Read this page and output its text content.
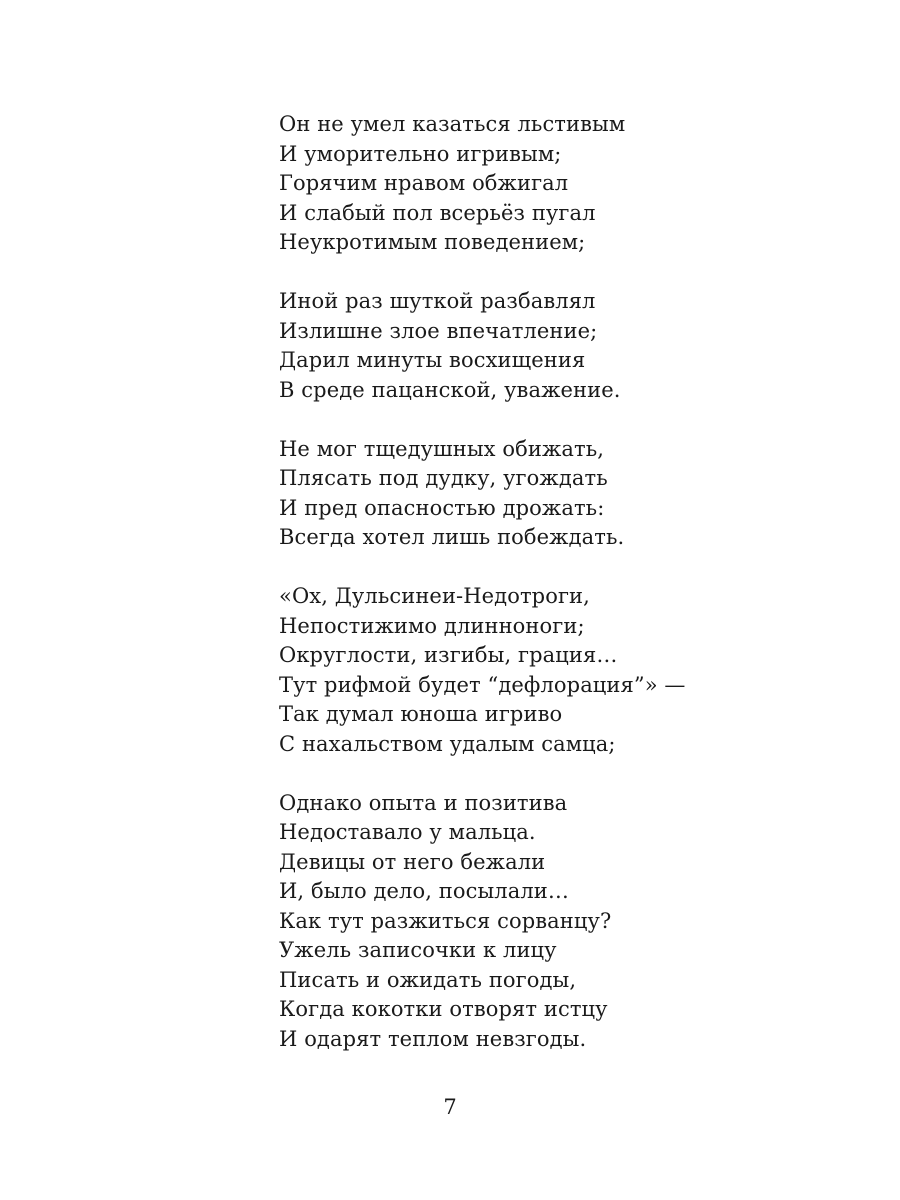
Он не умел казаться льстивым
И уморительно игривым;
Горячим нравом обжигал
И слабый пол всерьёз пугал
Неукротимым поведением;
Иной раз шуткой разбавлял
Излишне злое впечатление;
Дарил минуты восхищения
В среде пацанской, уважение.
Не мог тщедушных обижать,
Плясать под дудку, угождать
И пред опасностью дрожать:
Всегда хотел лишь побеждать.
«Ох, Дульсинеи-Недотроги,
Непостижимо длинноноги;
Округлости, изгибы, грация…
Тут рифмой будет “дефлорация”» —
Так думал юноша игриво
С нахальством удалым самца;
Однако опыта и позитива
Недоставало у мальца.
Девицы от него бежали
И, было дело, посылали…
Как тут разжиться сорванцу?
Ужель записочки к лицу
Писать и ожидать погоды,
Когда кокотки отворят истцу
И одарят теплом невзгоды.
7
